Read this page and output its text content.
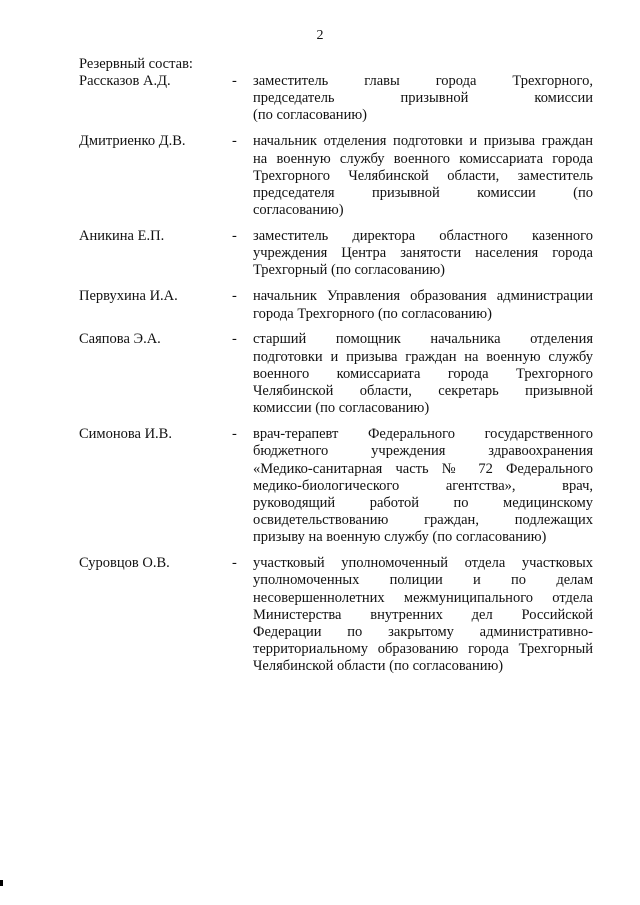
2
Резервный состав:
Рассказов А.Д.	-	заместитель главы города Трехгорного,
председатель призывной комиссии
(по согласованию)
Дмитриенко Д.В.	-	начальник отделения подготовки и призыва граждан
на военную службу военного комиссариата города
Трехгорного Челябинской области, заместитель
председателя призывной комиссии (по
согласованию)
Аникина Е.П.	-	заместитель директора областного казенного
учреждения Центра занятости населения города
Трехгорный (по согласованию)
Первухина И.А.	-	начальник Управления образования администрации
города Трехгорного (по согласованию)
Саяпова Э.А.	-	старший помощник начальника отделения
подготовки и призыва граждан на военную службу
военного комиссариата города Трехгорного
Челябинской области, секретарь призывной
комиссии (по согласованию)
Симонова И.В.	-	врач-терапевт Федерального государственного
бюджетного учреждения здравоохранения
«Медико-санитарная часть № 72 Федерального
медико-биологического агентства», врач,
руководящий работой по медицинскому
освидетельствованию граждан, подлежащих
призыву на военную службу (по согласованию)
Суровцов О.В.	-	участковый уполномоченный отдела участковых
уполномоченных полиции и по делам
несовершеннолетних межмуниципального отдела
Министерства внутренних дел Российской
Федерации по закрытому административно-
территориальному образованию города Трехгорный
Челябинской области (по согласованию)
